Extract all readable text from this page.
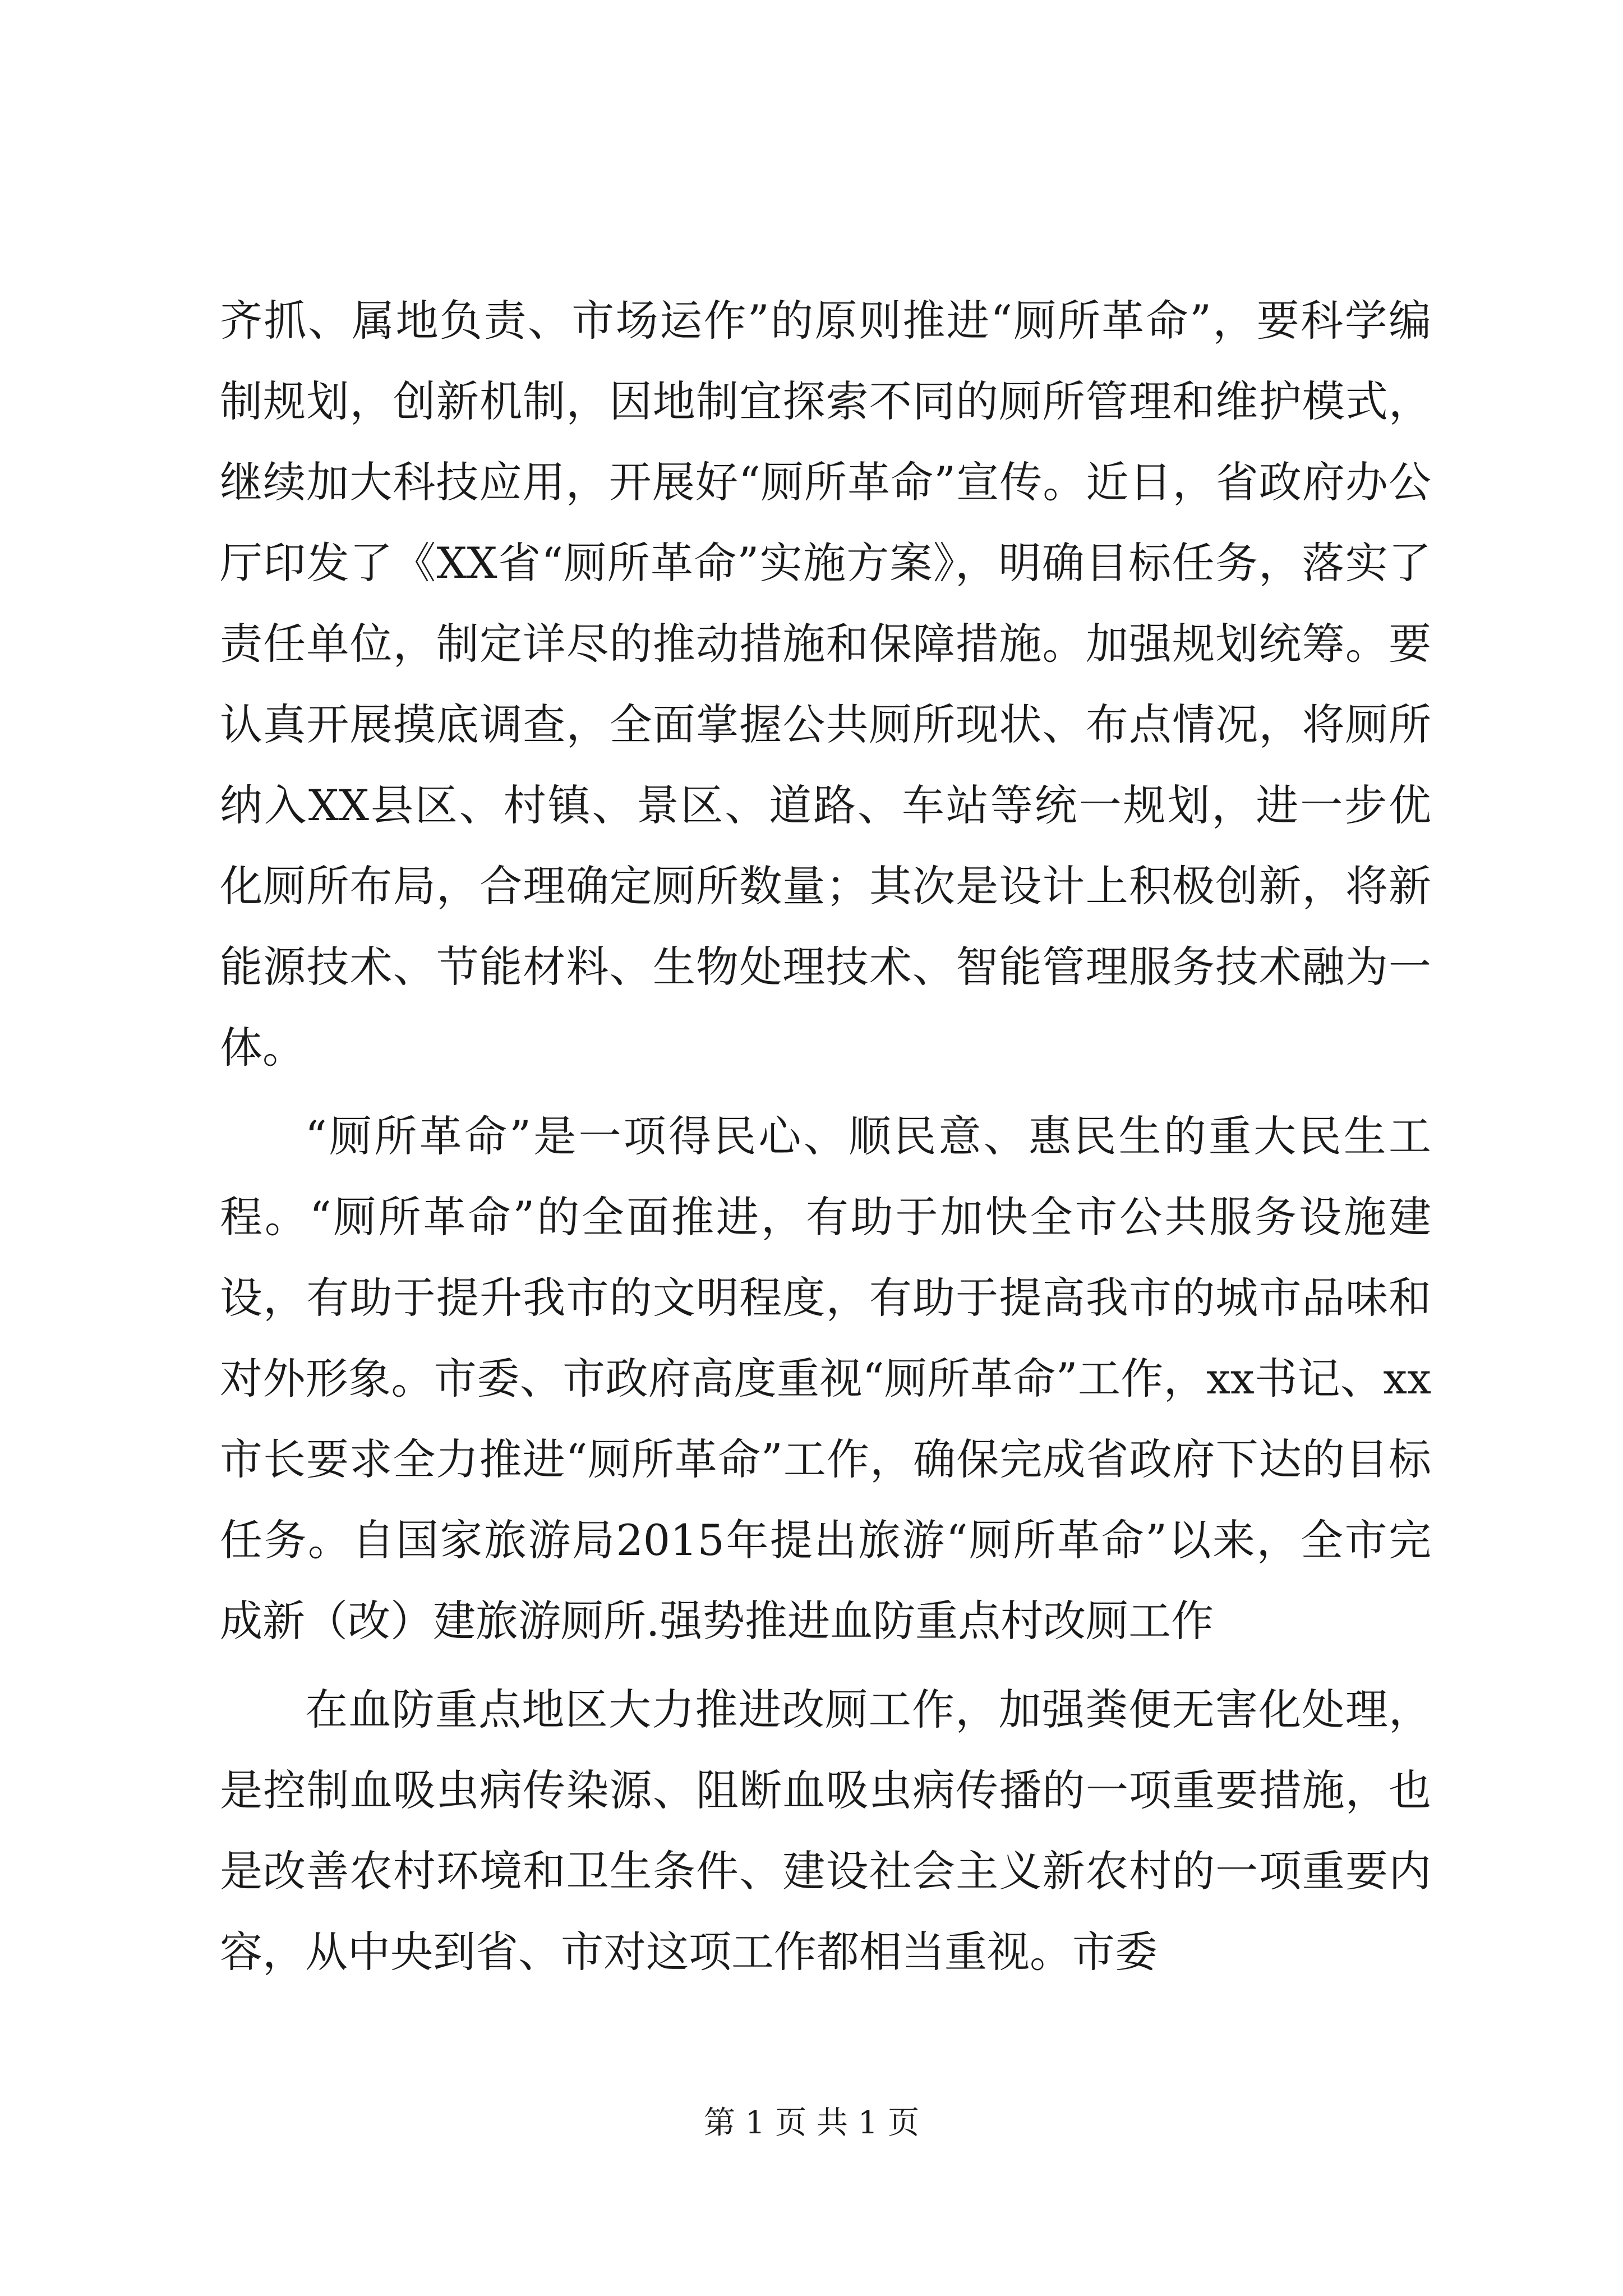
齐抓、属地负责、市场运作”的原则推进“厕所革命”，要科学编制规划，创新机制，因地制宜探索不同的厕所管理和维护模式，继续加大科技应用，开展好“厕所革命”宣传。近日，省政府办公厅印发了《XX省“厕所革命”实施方案》，明确目标任务，落实了责任单位，制定详尽的推动措施和保障措施。加强规划统筹。要认真开展摸底调查，全面掌握公共厕所现状、布点情况，将厕所纳入XX县区、村镇、景区、道路、车站等统一规划，进一步优化厕所布局，合理确定厕所数量；其次是设计上积极创新，将新能源技术、节能材料、生物处理技术、智能管理服务技术融为一体。

“厕所革命”是一项得民心、顺民意、惠民生的重大民生工程。“厕所革命”的全面推进，有助于加快全市公共服务设施建设，有助于提升我市的文明程度，有助于提高我市的城市品味和对外形象。市委、市政府高度重视“厕所革命”工作，xx书记、xx市长要求全力推进“厕所革命”工作，确保完成省政府下达的目标任务。自国家旅游局2015年提出旅游“厕所革命”以来，全市完成新（改）建旅游厕所.强势推进血防重点村改厕工作

在血防重点地区大力推进改厕工作，加强粪便无害化处理，是控制血吸虫病传染源、阻断血吸虫病传播的一项重要措施，也是改善农村环境和卫生条件、建设社会主义新农村的一项重要内容，从中央到省、市对这项工作都相当重视。市委

第 1 页 共 1 页
